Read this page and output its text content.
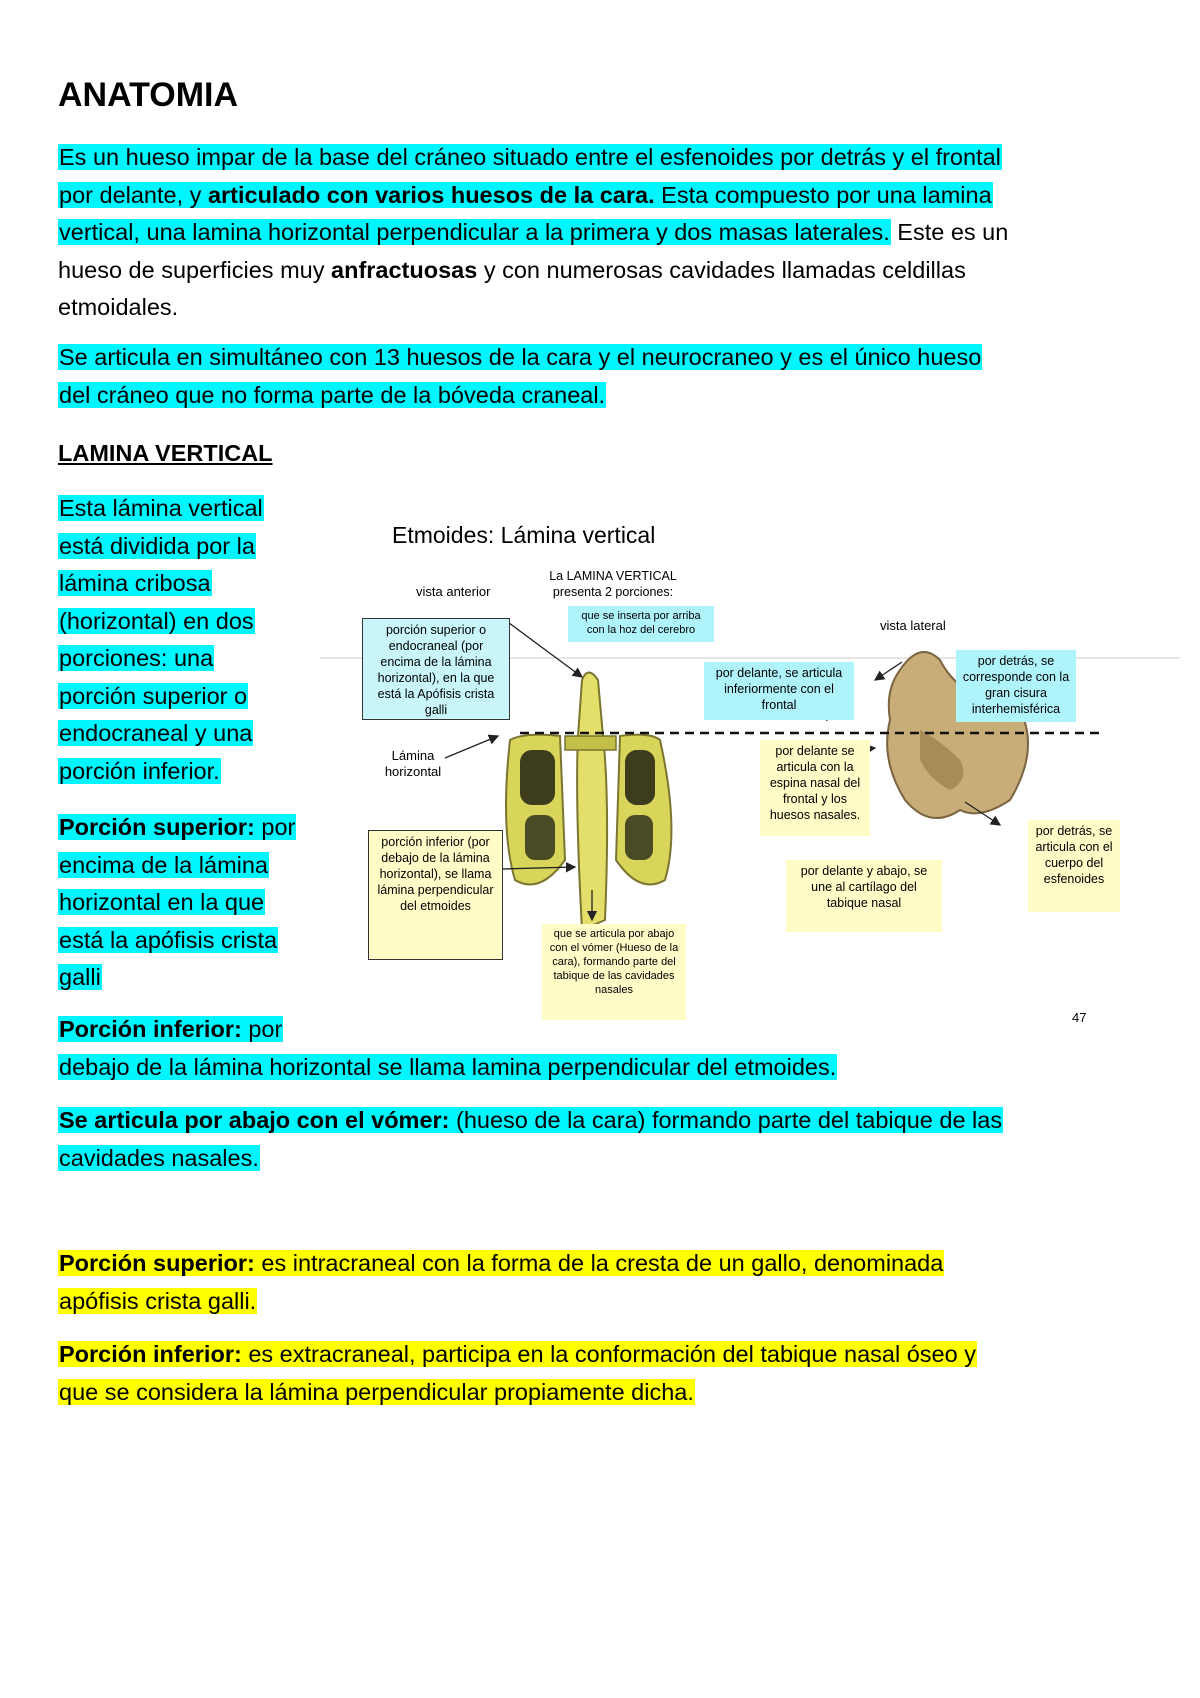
ANATOMIA

Es un hueso impar de la base del cráneo situado entre el esfenoides por detrás y el frontal por delante, y articulado con varios huesos de la cara. Esta compuesto por una lamina vertical, una lamina horizontal perpendicular a la primera y dos masas laterales. Este es un hueso de superficies muy anfractuosas y con numerosas cavidades llamadas celdillas etmoidales.

Se articula en simultáneo con 13 huesos de la cara y el neurocraneo y es el único hueso del cráneo que no forma parte de la bóveda craneal.

LAMINA VERTICAL

Esta lámina vertical
está dividida por la
lámina cribosa
(horizontal) en dos
porciones: una
porción superior o
endocraneal y una
porción inferior.

Porción superior: por
encima de la lámina
horizontal en la que
está la apófisis crista
galli

Porción inferior: por
debajo de la lámina horizontal se llama lamina perpendicular del etmoides.

Se articula por abajo con el vómer: (hueso de la cara) formando parte del tabique de las cavidades nasales.

Porción superior: es intracraneal con la forma de la cresta de un gallo, denominada apófisis crista galli.

Porción inferior: es extracraneal, participa en la conformación del tabique nasal óseo y que se considera la lámina perpendicular propiamente dicha.

Etmoides: Lámina vertical
vista anterior
La LAMINA VERTICAL presenta 2 porciones:
vista lateral
que se inserta por arriba con la hoz del cerebro
porción superior o endocraneal (por encima de la lámina horizontal), en la que está la Apófisis crista galli
Lámina horizontal
porción inferior (por debajo de la lámina horizontal), se llama lámina perpendicular del etmoides
que se articula por abajo con el vómer (Hueso de la cara), formando parte del tabique de las cavidades nasales
por delante, se articula inferiormente con el frontal
por detrás, se corresponde con la gran cisura interhemisférica
por delante se articula con la espina nasal del frontal y los huesos nasales.
por delante y abajo, se une al cartílago del tabique nasal
por detrás, se articula con el cuerpo del esfenoides
47
